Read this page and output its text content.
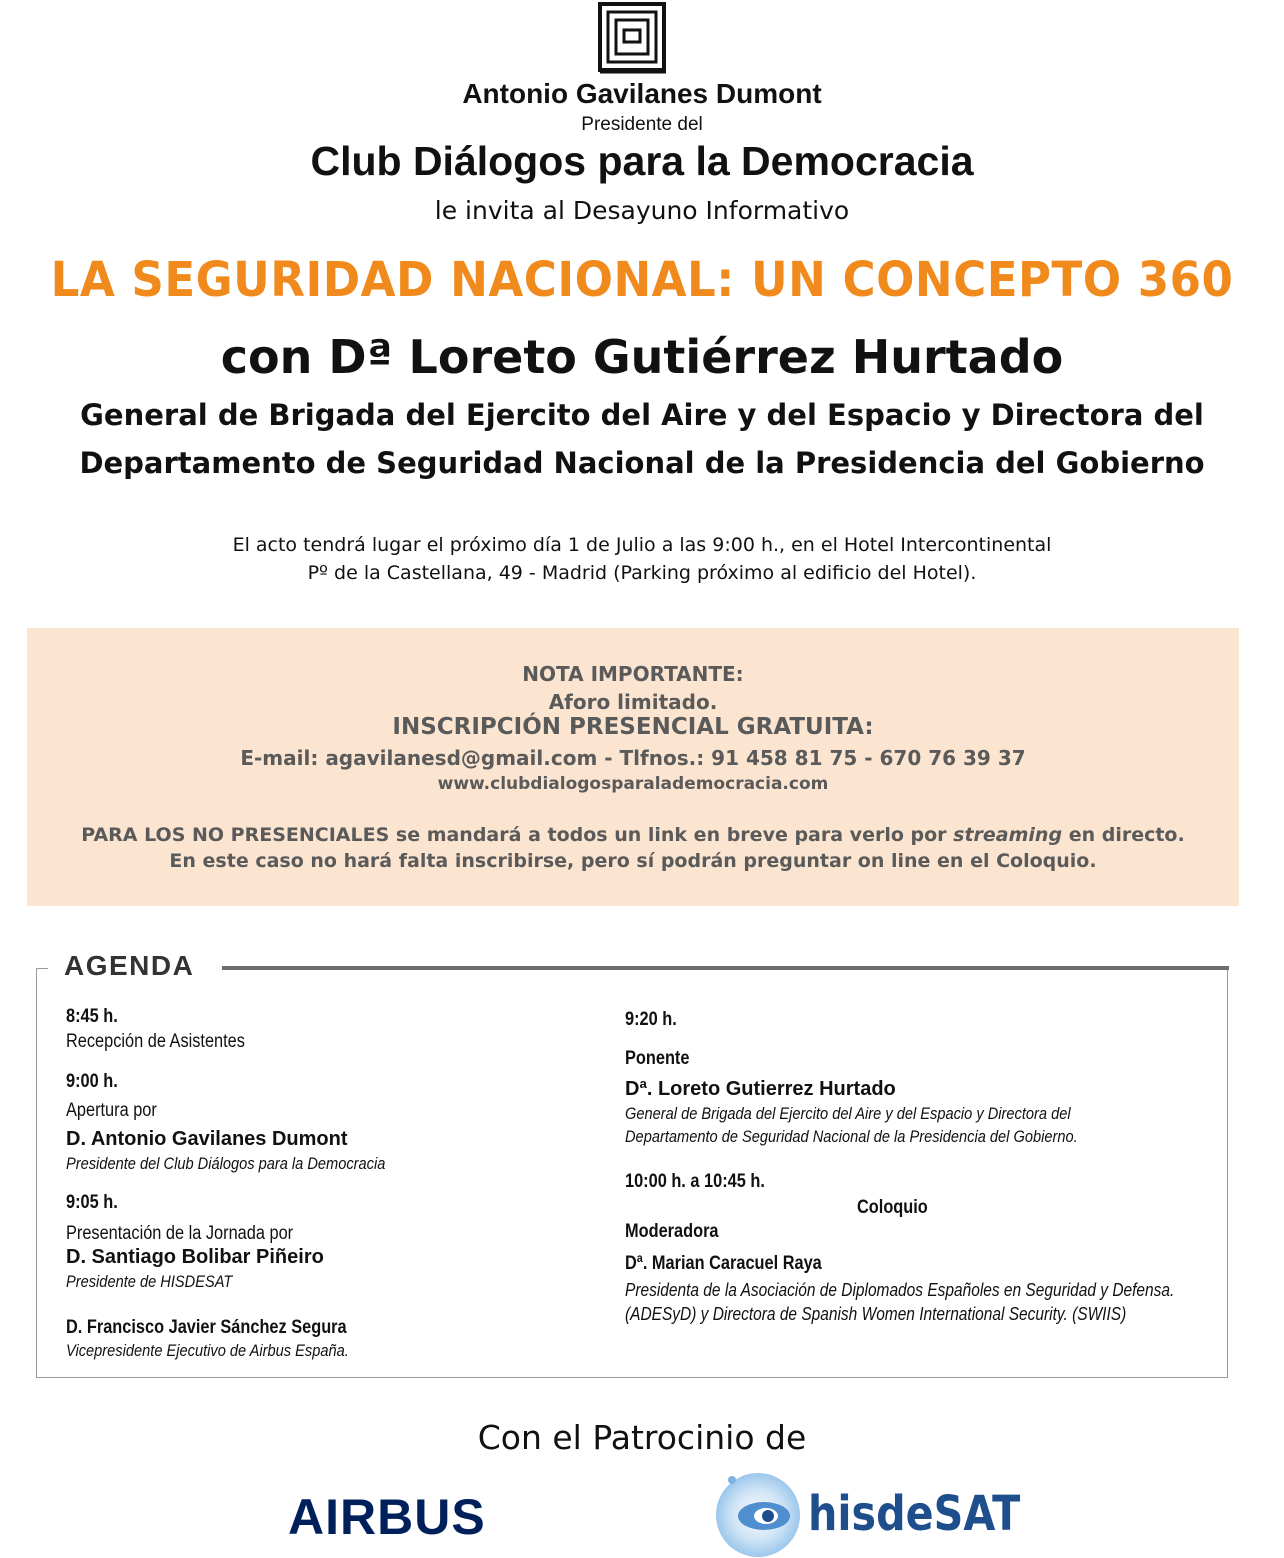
Antonio Gavilanes Dumont
Presidente del
Club Diálogos para la Democracia
le invita al Desayuno Informativo
LA SEGURIDAD NACIONAL: UN CONCEPTO 360
con Dª Loreto Gutiérrez Hurtado
General de Brigada del Ejercito del Aire y del Espacio y Directora del
Departamento de Seguridad Nacional de la Presidencia del Gobierno
El acto tendrá lugar el próximo día 1 de Julio a las 9:00 h., en el Hotel Intercontinental
Pº de la Castellana, 49 - Madrid (Parking próximo al edificio del Hotel).
NOTA IMPORTANTE:
Aforo limitado.
INSCRIPCIÓN PRESENCIAL GRATUITA:
E-mail: agavilanesd@gmail.com - Tlfnos.: 91 458 81 75 - 670 76 39 37
www.clubdialogosparalademocracia.com
PARA LOS NO PRESENCIALES se mandará a todos un link en breve para verlo por streaming en directo.
En este caso no hará falta inscribirse, pero sí podrán preguntar on line en el Coloquio.
AGENDA
8:45 h.
Recepción de Asistentes
9:00 h.
Apertura por
D. Antonio Gavilanes Dumont
Presidente del Club Diálogos para la Democracia
9:05 h.
Presentación de la Jornada por
D. Santiago Bolibar Piñeiro
Presidente de HISDESAT
D. Francisco Javier Sánchez Segura
Vicepresidente Ejecutivo de Airbus España.
9:20 h.
Ponente
Dª. Loreto Gutierrez Hurtado
General de Brigada del Ejercito del Aire y del Espacio y Directora del
Departamento de Seguridad Nacional de la Presidencia del Gobierno.
10:00 h. a 10:45 h.
Coloquio
Moderadora
Dª. Marian Caracuel Raya
Presidenta de la Asociación de Diplomados Españoles en Seguridad y Defensa.
(ADESyD) y Directora de Spanish Women International Security. (SWIIS)
Con el Patrocinio de
AIRBUS	hisdeSAT
